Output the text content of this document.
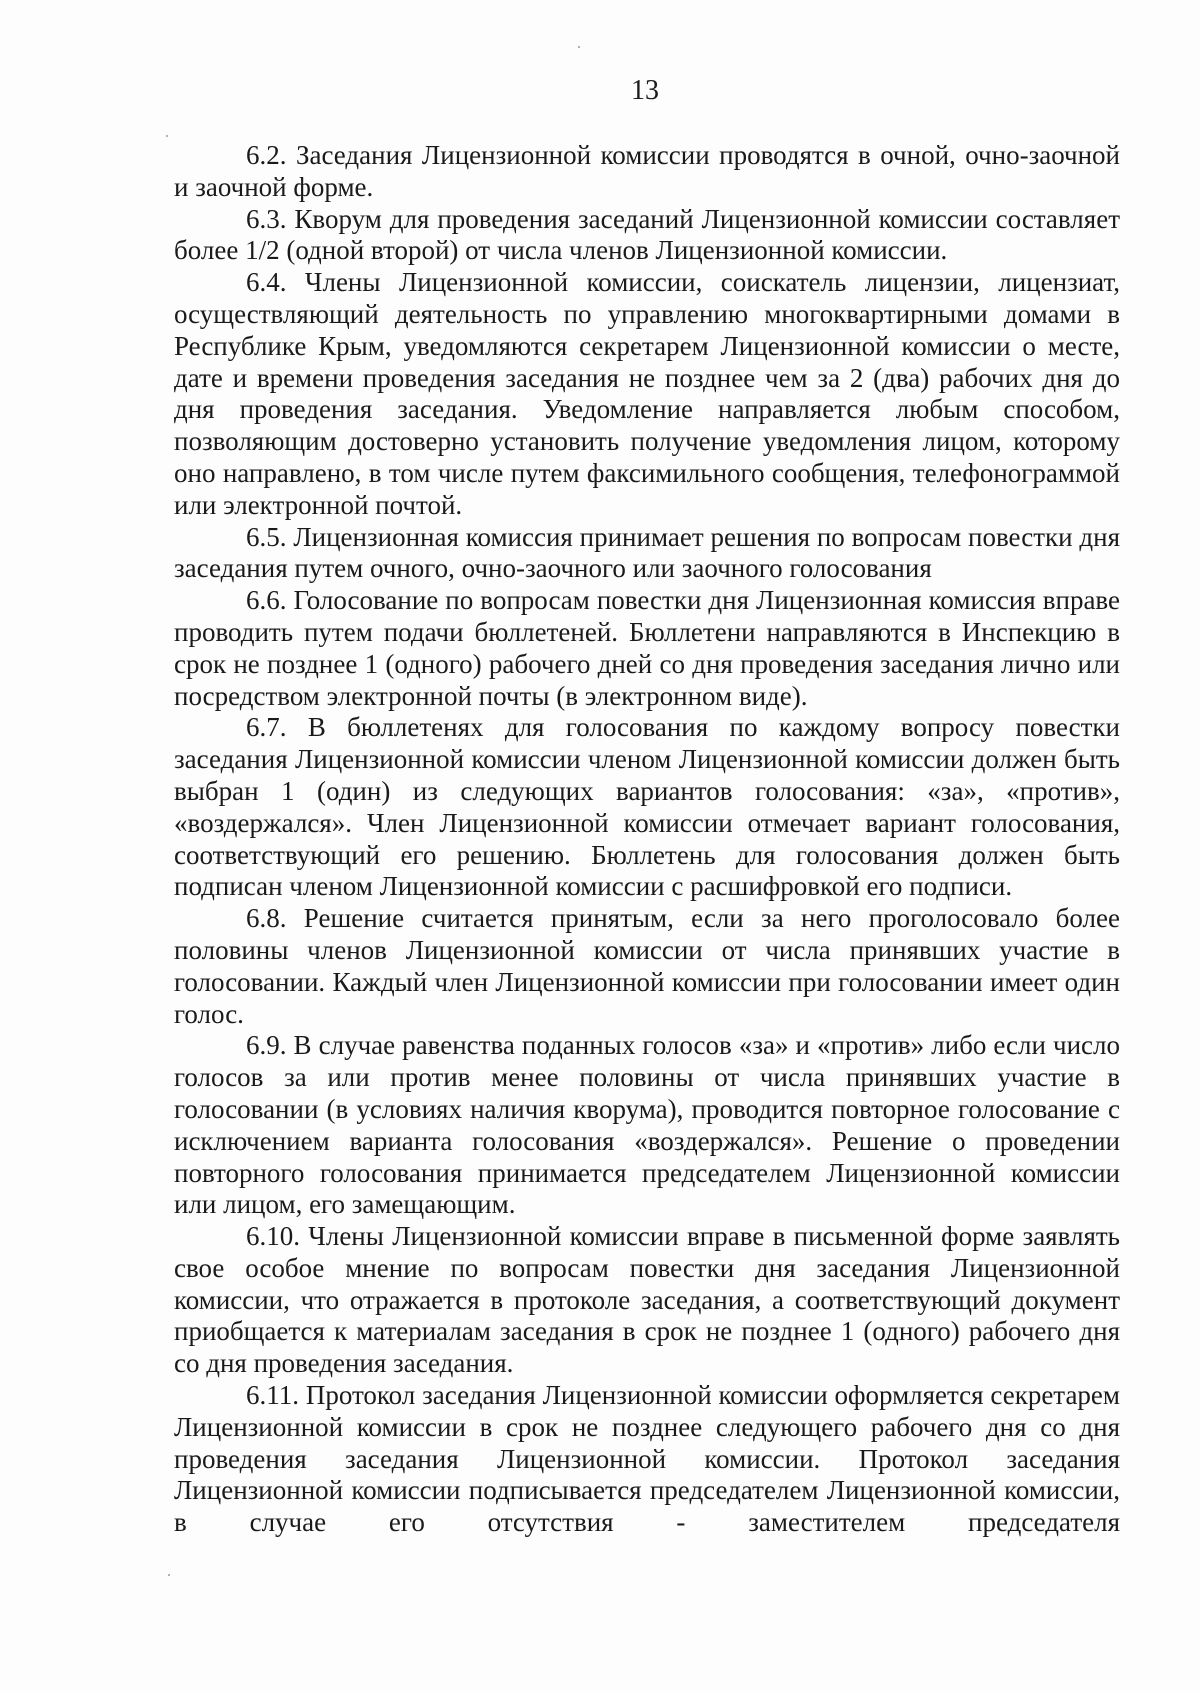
13

6.2. Заседания Лицензионной комиссии проводятся в очной, очно-заочной и заочной форме.

6.3. Кворум для проведения заседаний Лицензионной комиссии составляет более 1/2 (одной второй) от числа членов Лицензионной комиссии.

6.4. Члены Лицензионной комиссии, соискатель лицензии, лицензиат, осуществляющий деятельность по управлению многоквартирными домами в Республике Крым, уведомляются секретарем Лицензионной комиссии о месте, дате и времени проведения заседания не позднее чем за 2 (два) рабочих дня до дня проведения заседания. Уведомление направляется любым способом, позволяющим достоверно установить получение уведомления лицом, которому оно направлено, в том числе путем факсимильного сообщения, телефонограммой или электронной почтой.

6.5. Лицензионная комиссия принимает решения по вопросам повестки дня заседания путем очного, очно-заочного или заочного голосования

6.6. Голосование по вопросам повестки дня Лицензионная комиссия вправе проводить путем подачи бюллетеней. Бюллетени направляются в Инспекцию в срок не позднее 1 (одного) рабочего дней со дня проведения заседания лично или посредством электронной почты (в электронном виде).

6.7. В бюллетенях для голосования по каждому вопросу повестки заседания Лицензионной комиссии членом Лицензионной комиссии должен быть выбран 1 (один) из следующих вариантов голосования: «за», «против», «воздержался». Член Лицензионной комиссии отмечает вариант голосования, соответствующий его решению. Бюллетень для голосования должен быть подписан членом Лицензионной комиссии с расшифровкой его подписи.

6.8. Решение считается принятым, если за него проголосовало более половины членов Лицензионной комиссии от числа принявших участие в голосовании. Каждый член Лицензионной комиссии при голосовании имеет один голос.

6.9. В случае равенства поданных голосов «за» и «против» либо если число голосов за или против менее половины от числа принявших участие в голосовании (в условиях наличия кворума), проводится повторное голосование с исключением варианта голосования «воздержался». Решение о проведении повторного голосования принимается председателем Лицензионной комиссии или лицом, его замещающим.

6.10. Члены Лицензионной комиссии вправе в письменной форме заявлять свое особое мнение по вопросам повестки дня заседания Лицензионной комиссии, что отражается в протоколе заседания, а соответствующий документ приобщается к материалам заседания в срок не позднее 1 (одного) рабочего дня со дня проведения заседания.

6.11. Протокол заседания Лицензионной комиссии оформляется секретарем Лицензионной комиссии в срок не позднее следующего рабочего дня со дня проведения заседания Лицензионной комиссии. Протокол заседания Лицензионной комиссии подписывается председателем Лицензионной комиссии, в случае его отсутствия - заместителем председателя
